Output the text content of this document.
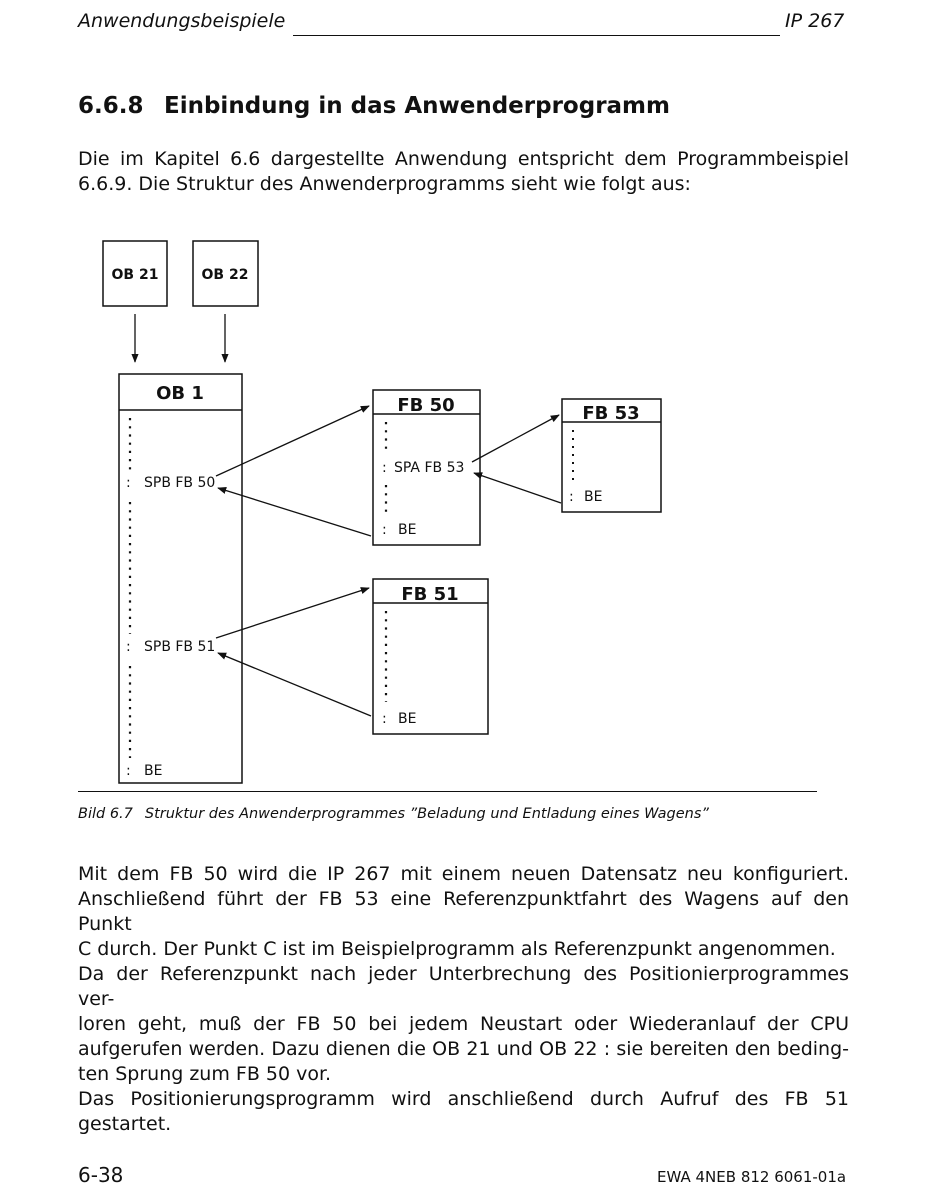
Anwendungsbeispiele	IP 267
6.6.8 Einbindung in das Anwenderprogramm
Die im Kapitel 6.6 dargestellte Anwendung entspricht dem Programmbeispiel
6.6.9. Die Struktur des Anwenderprogramms sieht wie folgt aus:
OB 21	OB 22
OB 1
: SPB FB 50
: SPB FB 51
: BE
FB 50
: SPA FB 53
: BE
FB 53
: BE
FB 51
: BE
Bild 6.7 Struktur des Anwenderprogrammes ”Beladung und Entladung eines Wagens”
Mit dem FB 50 wird die IP 267 mit einem neuen Datensatz neu konfiguriert.
Anschließend führt der FB 53 eine Referenzpunktfahrt des Wagens auf den Punkt
C durch. Der Punkt C ist im Beispielprogramm als Referenzpunkt angenommen.
Da der Referenzpunkt nach jeder Unterbrechung des Positionierprogrammes ver-
loren geht, muß der FB 50 bei jedem Neustart oder Wiederanlauf der CPU
aufgerufen werden. Dazu dienen die OB 21 und OB 22 : sie bereiten den beding-
ten Sprung zum FB 50 vor.
Das Positionierungsprogramm wird anschließend durch Aufruf des FB 51
gestartet.
6-38	EWA 4NEB 812 6061-01a
